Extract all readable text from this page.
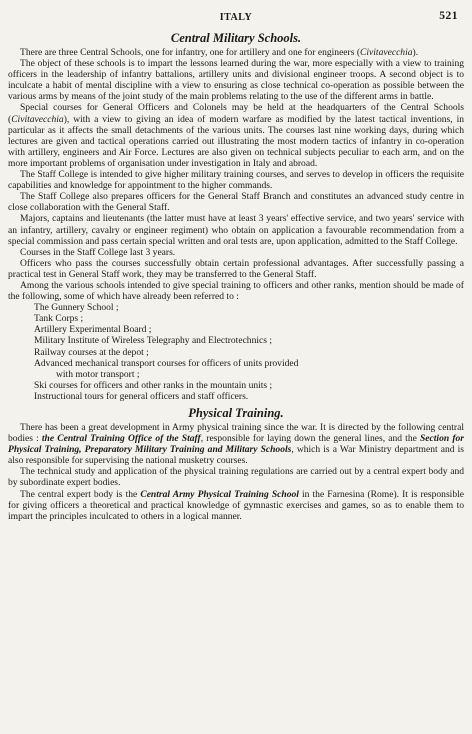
ITALY	521
Central Military Schools.

There are three Central Schools, one for infantry, one for artillery and one for engineers (Civitavecchia).

The object of these schools is to impart the lessons learned during the war, more especially with a view to training officers in the leadership of infantry battalions, artillery units and divisional engineer troops. A second object is to inculcate a habit of mental discipline with a view to ensuring as close technical co-operation as possible between the various arms by means of the joint study of the main problems relating to the use of the different arms in battle.

Special courses for General Officers and Colonels may be held at the headquarters of the Central Schools (Civitavecchia), with a view to giving an idea of modern warfare as modified by the latest tactical inventions, in particular as it affects the small detachments of the various units. The courses last nine working days, during which lectures are given and tactical operations carried out illustrating the most modern tactics of infantry in co-operation with artillery, engineers and Air Force. Lectures are also given on technical subjects peculiar to each arm, and on the more important problems of organisation under investigation in Italy and abroad.

The Staff College is intended to give higher military training courses, and serves to develop in officers the requisite capabilities and knowledge for appointment to the higher commands.

The Staff College also prepares officers for the General Staff Branch and constitutes an advanced study centre in close collaboration with the General Staff.

Majors, captains and lieutenants (the latter must have at least 3 years' effective service, and two years' service with an infantry, artillery, cavalry or engineer regiment) who obtain on application a favourable recommendation from a special commission and pass certain special written and oral tests are, upon application, admitted to the Staff College.

Courses in the Staff College last 3 years.

Officers who pass the courses successfully obtain certain professional advantages. After successfully passing a practical test in General Staff work, they may be transferred to the General Staff.

Among the various schools intended to give special training to officers and other ranks, mention should be made of the following, some of which have already been referred to :

The Gunnery School ;
Tank Corps ;
Artillery Experimental Board ;
Military Institute of Wireless Telegraphy and Electrotechnics ;
Railway courses at the depot ;
Advanced mechanical transport courses for officers of units provided
with motor transport ;
Ski courses for officers and other ranks in the mountain units ;
Instructional tours for general officers and staff officers.
Physical Training.

There has been a great development in Army physical training since the war. It is directed by the following central bodies : the Central Training Office of the Staff, responsible for laying down the general lines, and the Section for Physical Training, Preparatory Military Training and Military Schools, which is a War Ministry department and is also responsible for supervising the national musketry courses.

The technical study and application of the physical training regulations are carried out by a central expert body and by subordinate expert bodies.

The central expert body is the Central Army Physical Training School in the Farnesina (Rome). It is responsible for giving officers a theoretical and practical knowledge of gymnastic exercises and games, so as to enable them to impart the principles inculcated to others in a logical manner.
